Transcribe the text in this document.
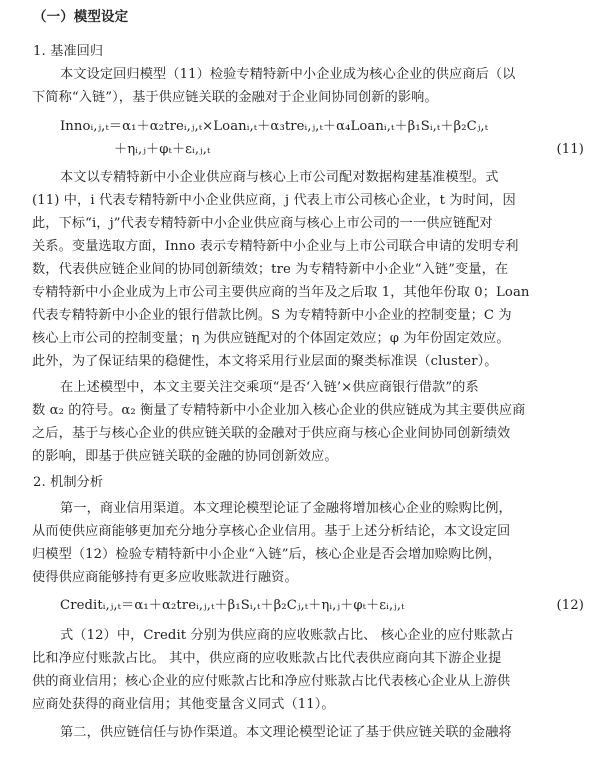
（一）模型设定
1. 基准回归
本文设定回归模型（11）检验专精特新中小企业成为核心企业的供应商后（以
下简称“入链”），基于供应链关联的金融对于企业间协同创新的影响。
Innoᵢ,ⱼ,ₜ＝α₁＋α₂treᵢ,ⱼ,ₜ×Loanᵢ,ₜ＋α₃treᵢ,ⱼ,ₜ＋α₄Loanᵢ,ₜ＋β₁Sᵢ,ₜ＋β₂Cⱼ,ₜ
＋ηᵢ,ⱼ＋φₜ＋εᵢ,ⱼ,ₜ	(11)
本文以专精特新中小企业供应商与核心上市公司配对数据构建基准模型。式
(11) 中，i 代表专精特新中小企业供应商，j 代表上市公司核心企业，t 为时间，因
此，下标“i，j”代表专精特新中小企业供应商与核心上市公司的一一供应链配对
关系。变量选取方面，Inno 表示专精特新中小企业与上市公司联合申请的发明专利
数，代表供应链企业间的协同创新绩效；tre 为专精特新中小企业“入链”变量，在
专精特新中小企业成为上市公司主要供应商的当年及之后取 1，其他年份取 0；Loan
代表专精特新中小企业的银行借款比例。S 为专精特新中小企业的控制变量；C 为
核心上市公司的控制变量；η 为供应链配对的个体固定效应；φ 为年份固定效应。
此外，为了保证结果的稳健性，本文将采用行业层面的聚类标准误（cluster）。
在上述模型中，本文主要关注交乘项“是否‘入链’×供应商银行借款”的系
数 α₂ 的符号。α₂ 衡量了专精特新中小企业加入核心企业的供应链成为其主要供应商
之后，基于与核心企业的供应链关联的金融对于供应商与核心企业间协同创新绩效
的影响，即基于供应链关联的金融的协同创新效应。
2. 机制分析
第一，商业信用渠道。本文理论模型论证了金融将增加核心企业的赊购比例，
从而使供应商能够更加充分地分享核心企业信用。基于上述分析结论，本文设定回
归模型（12）检验专精特新中小企业“入链”后，核心企业是否会增加赊购比例，
使得供应商能够持有更多应收账款进行融资。
Creditᵢ,ⱼ,ₜ＝α₁＋α₂treᵢ,ⱼ,ₜ＋β₁Sᵢ,ₜ＋β₂Cⱼ,ₜ＋ηᵢ,ⱼ＋φₜ＋εᵢ,ⱼ,ₜ	(12)
式（12）中，Credit 分别为供应商的应收账款占比、 核心企业的应付账款占
比和净应付账款占比。 其中，供应商的应收账款占比代表供应商向其下游企业提
供的商业信用；核心企业的应付账款占比和净应付账款占比代表核心企业从上游供
应商处获得的商业信用；其他变量含义同式（11）。
第二，供应链信任与协作渠道。本文理论模型论证了基于供应链关联的金融将
